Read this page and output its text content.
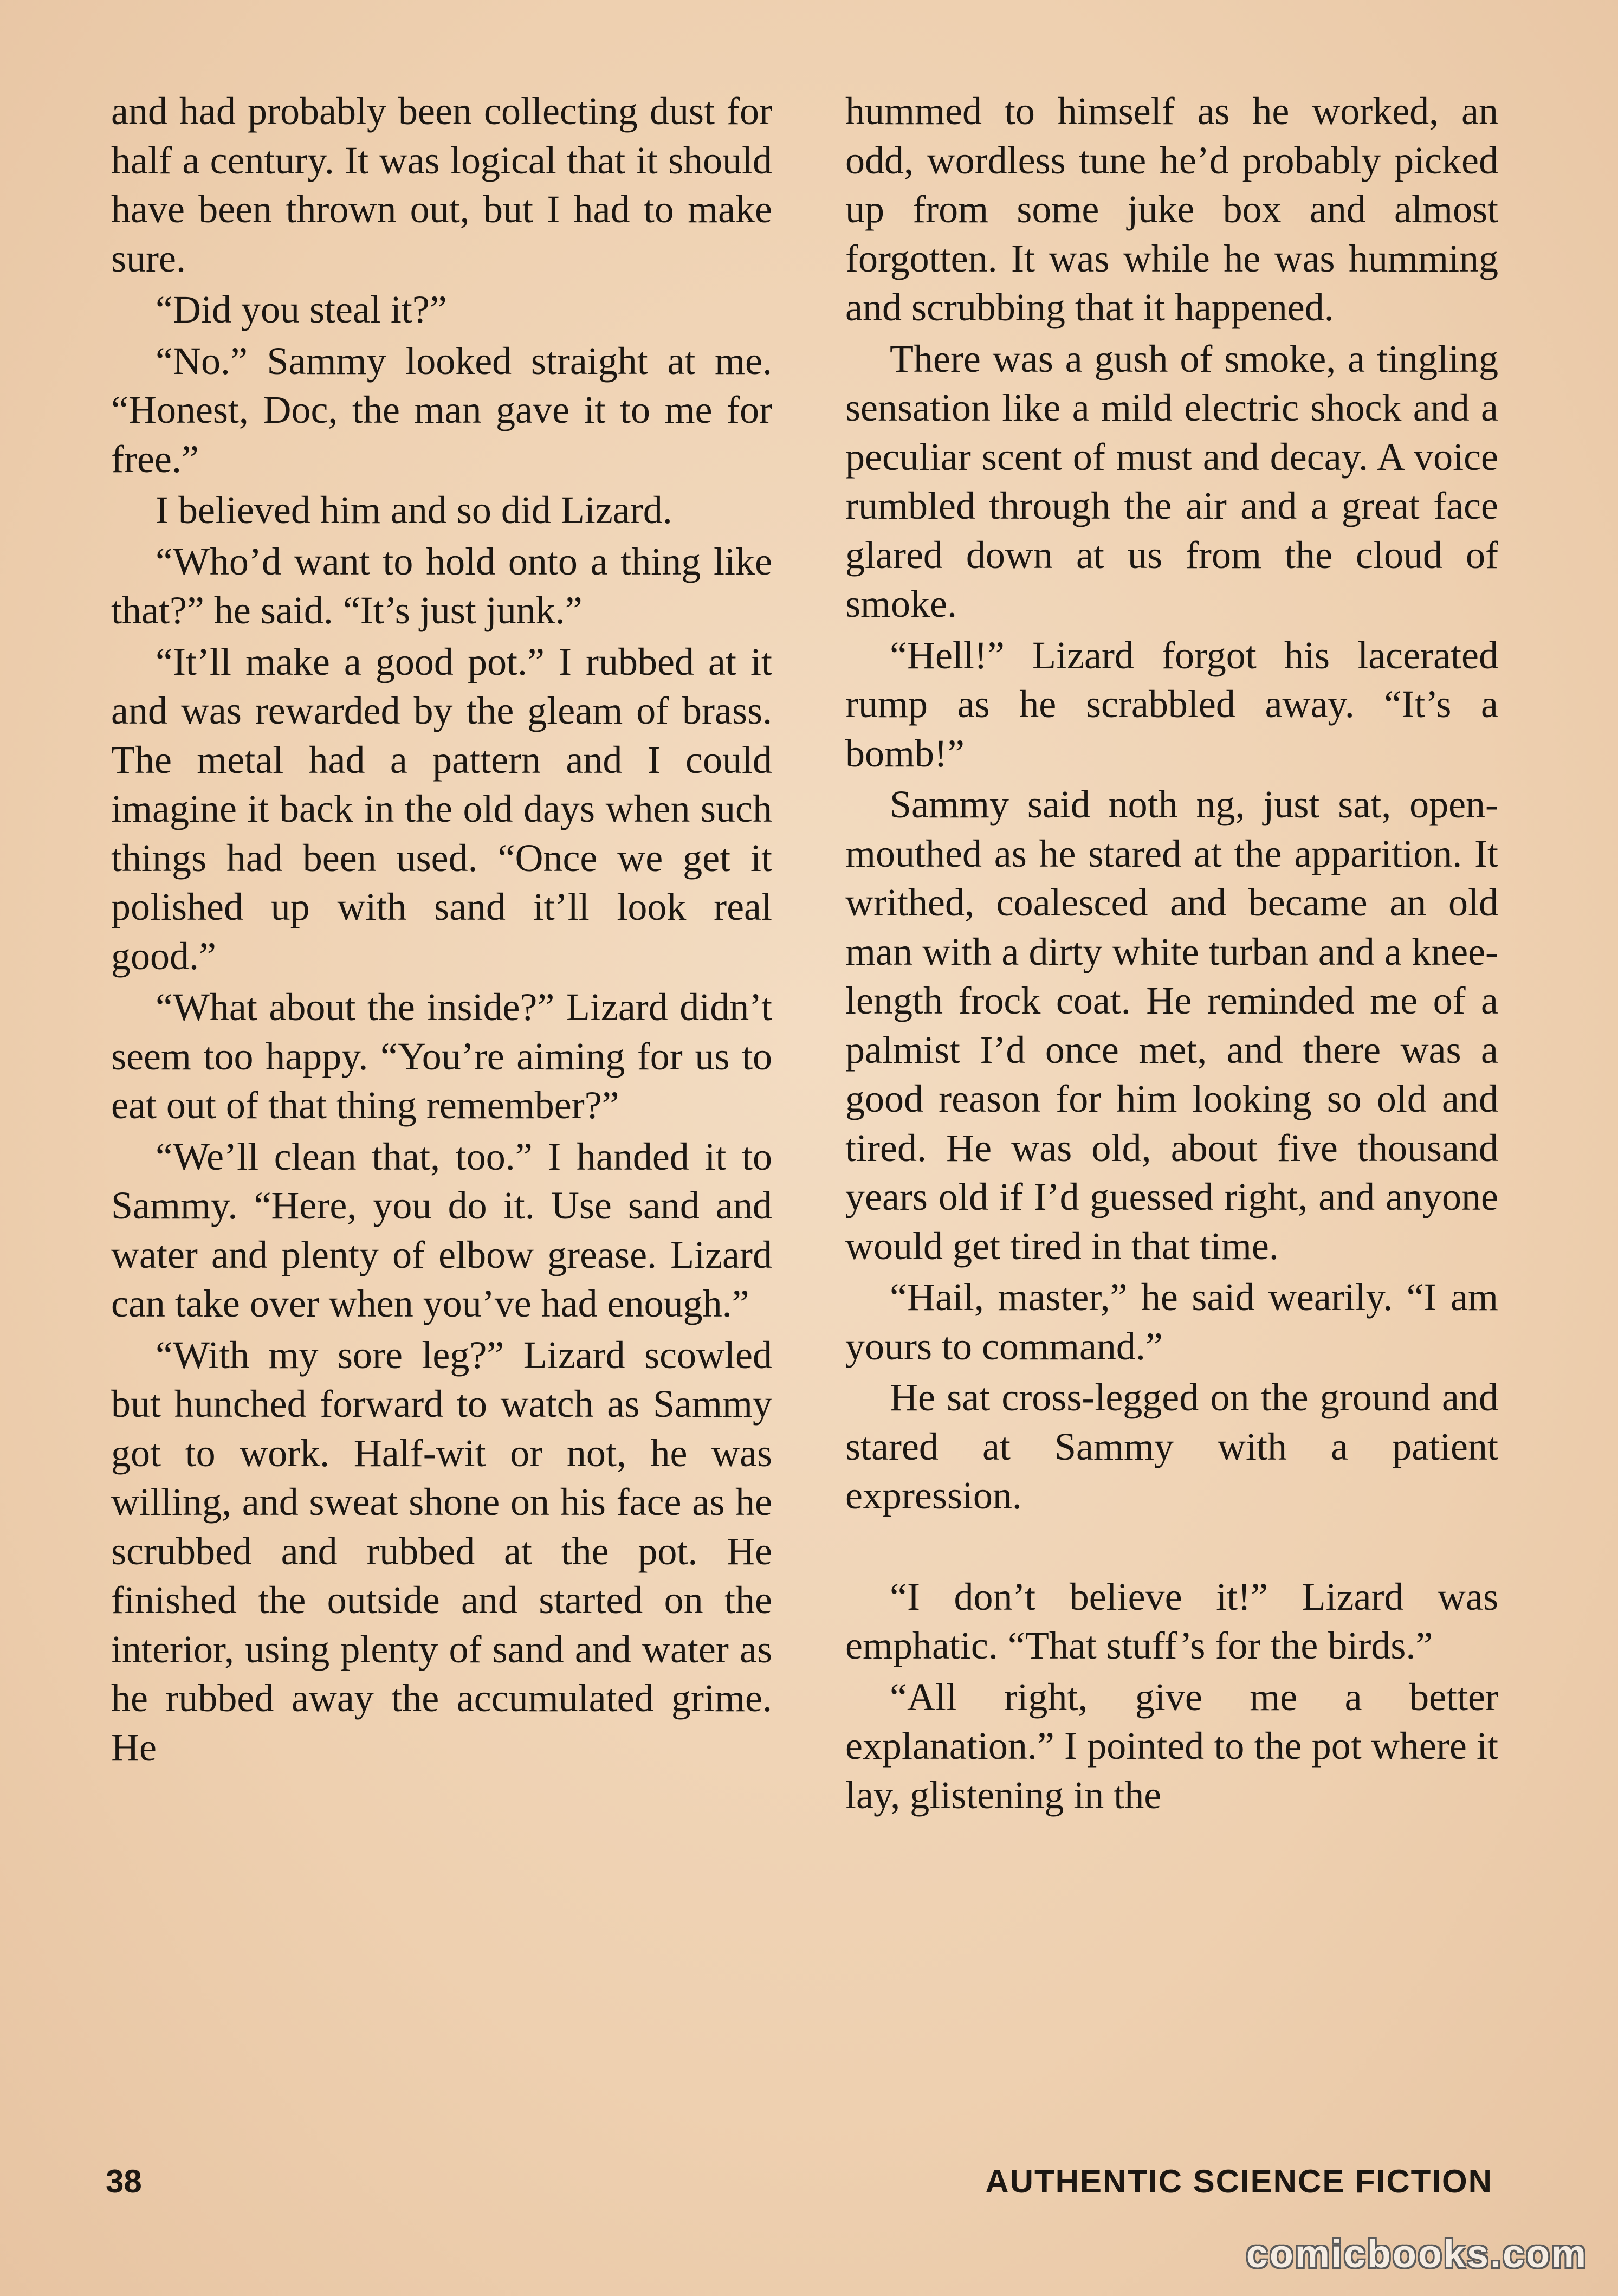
and had probably been collecting dust for half a century. It was logical that it should have been thrown out, but I had to make sure.

“Did you steal it?”

“No.” Sammy looked straight at me. “Honest, Doc, the man gave it to me for free.”

I believed him and so did Lizard.

“Who’d want to hold onto a thing like that?” he said. “It’s just junk.”

“It’ll make a good pot.” I rubbed at it and was rewarded by the gleam of brass. The metal had a pattern and I could imagine it back in the old days when such things had been used. “Once we get it polished up with sand it’ll look real good.”

“What about the inside?” Lizard didn’t seem too happy. “You’re aiming for us to eat out of that thing remember?”

“We’ll clean that, too.” I handed it to Sammy. “Here, you do it. Use sand and water and plenty of elbow grease. Lizard can take over when you’ve had enough.”

“With my sore leg?” Lizard scowled but hunched forward to watch as Sammy got to work. Half-wit or not, he was willing, and sweat shone on his face as he scrubbed and rubbed at the pot. He finished the outside and started on the interior, using plenty of sand and water as he rubbed away the accumulated grime. He

hummed to himself as he worked, an odd, wordless tune he’d probably picked up from some juke box and almost forgotten. It was while he was humming and scrubbing that it happened.

There was a gush of smoke, a tingling sensation like a mild electric shock and a peculiar scent of must and decay. A voice rumbled through the air and a great face glared down at us from the cloud of smoke.

“Hell!” Lizard forgot his lacerated rump as he scrabbled away. “It’s a bomb!”

Sammy said noth ng, just sat, open-mouthed as he stared at the apparition. It writhed, coalesced and became an old man with a dirty white turban and a knee-length frock coat. He reminded me of a palmist I’d once met, and there was a good reason for him looking so old and tired. He was old, about five thousand years old if I’d guessed right, and anyone would get tired in that time.

“Hail, master,” he said wearily. “I am yours to command.”

He sat cross-legged on the ground and stared at Sammy with a patient expression.

“I don’t believe it!” Lizard was emphatic. “That stuff’s for the birds.”

“All right, give me a better explanation.” I pointed to the pot where it lay, glistening in the

38	AUTHENTIC SCIENCE FICTION
comicbooks.com
